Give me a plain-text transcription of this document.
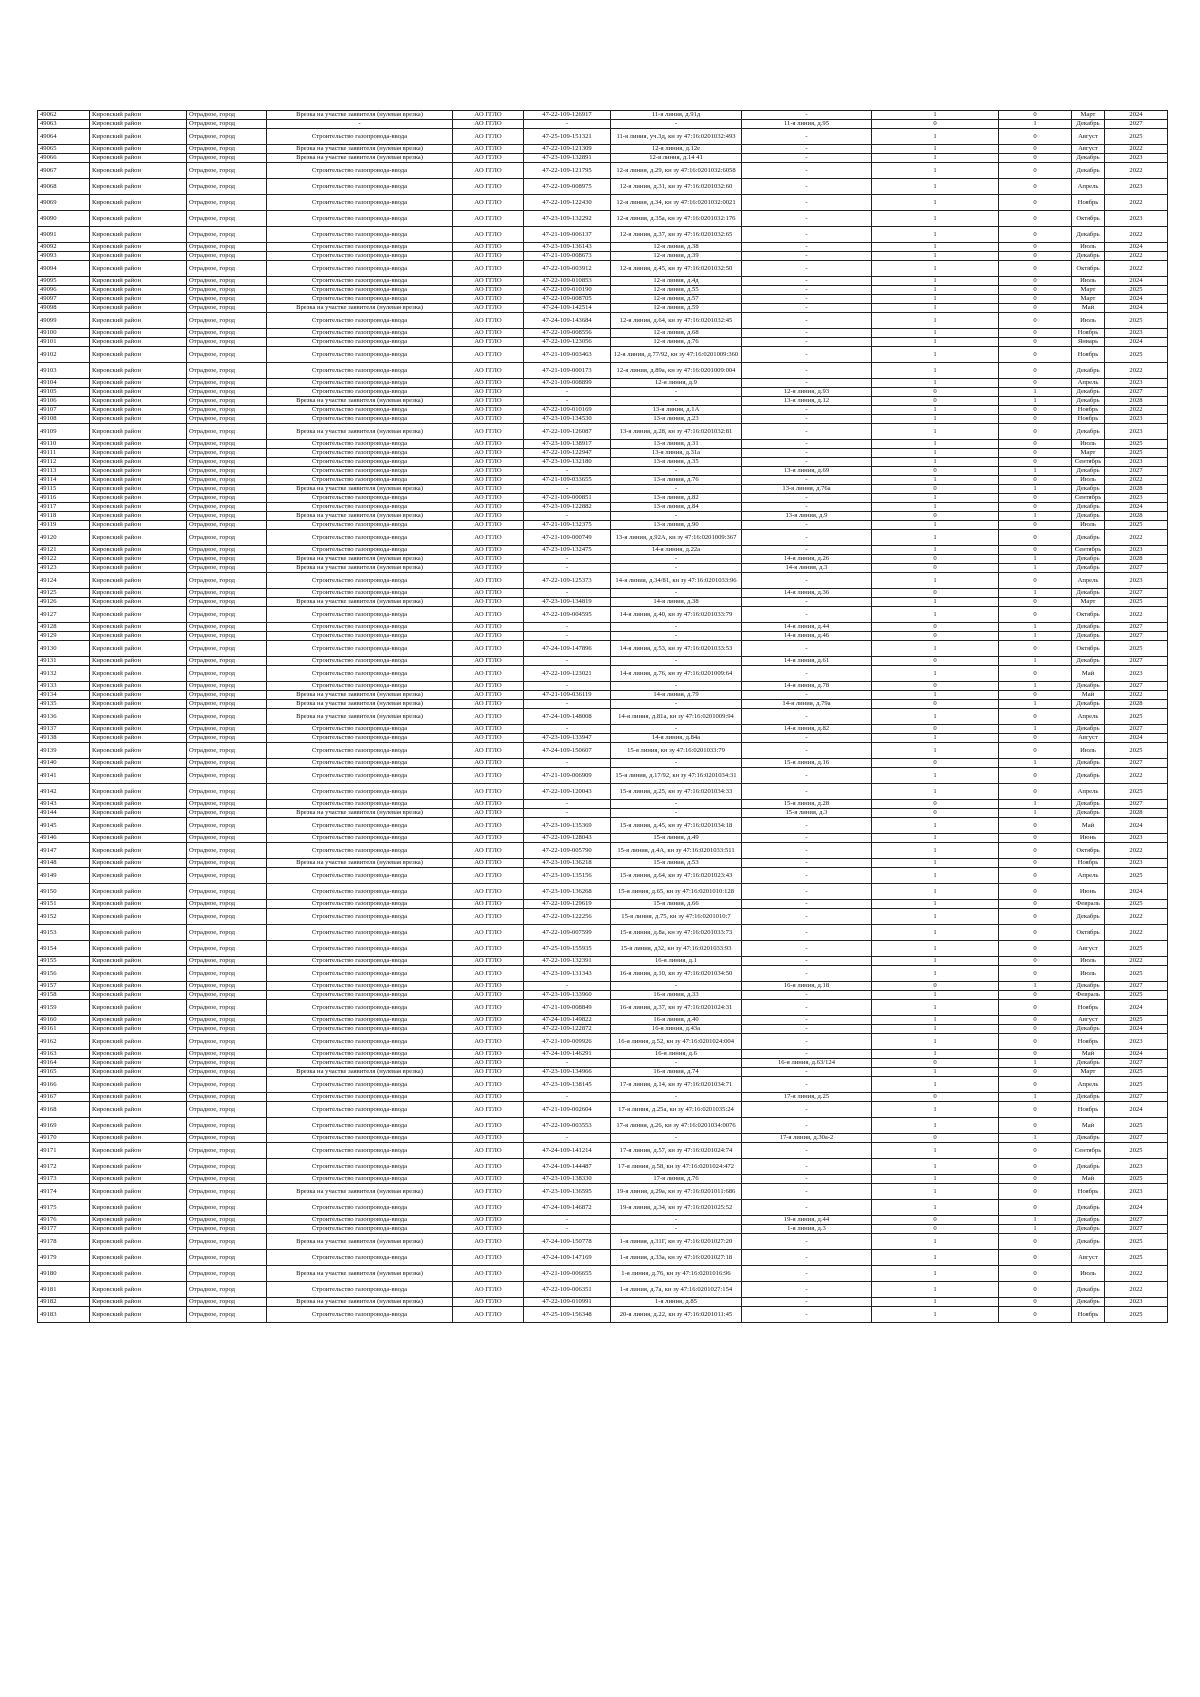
49062	Кировский район	Отрадное, город	Врезка на участке заявителя (нулевая врезка)	АО ГГЛО	47-22-109-126917	11-я линия, д.91д	-	1	0	Март	2024
49063	Кировский район	Отрадное, город	-	АО ГГЛО	-	-	11-я линия, д.95	0	1	Декабрь	2027
49064	Кировский район	Отрадное, город	Строительство газопровода-ввода	АО ГГЛО	47-25-109-151321	11-я линия, уч.3д, кн зу 47:16:0201032:493	-	1	0	Август	2025
49065	Кировский район	Отрадное, город	Врезка на участке заявителя (нулевая врезка)	АО ГГЛО	47-22-109-121309	12-я линия, д.12е	-	1	0	Август	2022
49066	Кировский район	Отрадное, город	Врезка на участке заявителя (нулевая врезка)	АО ГГЛО	47-23-109-132891	12-я линия, д.14 41	-	1	0	Декабрь	2023
49067	Кировский район	Отрадное, город	Строительство газопровода-ввода	АО ГГЛО	47-22-109-121795	12-я линия, д.29, кн зу 47:16:0201032:6058	-	1	0	Декабрь	2022
49068	Кировский район	Отрадное, город	Строительство газопровода-ввода	АО ГГЛО	47-22-109-008975	12-я линия, д.31, кн зу 47:16:0201032:60	-	1	0	Апрель	2023
49069	Кировский район	Отрадное, город	Строительство газопровода-ввода	АО ГГЛО	47-22-109-122430	12-я линия, д.34, кн зу 47:16:0201032:0021	-	1	0	Ноябрь	2022
49090	Кировский район	Отрадное, город	Строительство газопровода-ввода	АО ГГЛО	47-23-109-132292	12-я линия, д.35а, кн зу 47:16:0201032:176	-	1	0	Октябрь	2023
49091	Кировский район	Отрадное, город	Строительство газопровода-ввода	АО ГГЛО	47-21-109-006137	12-я линия, д.37, кн зу 47:16:0201032:65	-	1	0	Декабрь	2022
49092	Кировский район	Отрадное, город	Строительство газопровода-ввода	АО ГГЛО	47-23-109-136143	12-я линия, д.38	-	1	0	Июль	2024
49093	Кировский район	Отрадное, город	Строительство газопровода-ввода	АО ГГЛО	47-21-109-008673	12-я линия, д.39	-	1	0	Декабрь	2022
49094	Кировский район	Отрадное, город	Строительство газопровода-ввода	АО ГГЛО	47-22-109-003912	12-я линия, д.45, кн зу 47:16:0201032:50	-	1	0	Октябрь	2022
49095	Кировский район	Отрадное, город	Строительство газопровода-ввода	АО ГГЛО	47-22-109-010853	12-я линия, д.4д	-	1	0	Июль	2024
49096	Кировский район	Отрадное, город	Строительство газопровода-ввода	АО ГГЛО	47-22-109-010190	12-я линия, д.55	-	1	0	Март	2025
49097	Кировский район	Отрадное, город	Строительство газопровода-ввода	АО ГГЛО	47-22-109-008705	12-я линия, д.57	-	1	0	Март	2024
49098	Кировский район	Отрадное, город	Врезка на участке заявителя (нулевая врезка)	АО ГГЛО	47-24-109-142514	12-я линия, д.59	-	1	0	Май	2024
49099	Кировский район	Отрадное, город	Строительство газопровода-ввода	АО ГГЛО	47-24-109-143684	12-я линия, д.64, кн зу 47:16:0201032:45	-	1	0	Июль	2025
49100	Кировский район	Отрадное, город	Строительство газопровода-ввода	АО ГГЛО	47-22-109-008556	12-я линия, д.68	-	1	0	Ноябрь	2023
49101	Кировский район	Отрадное, город	Строительство газопровода-ввода	АО ГГЛО	47-22-109-123056	12-я линия, д.76	-	1	0	Январь	2024
49102	Кировский район	Отрадное, город	Строительство газопровода-ввода	АО ГГЛО	47-21-109-003463	12-я линия, д.77/92, кн зу 47:16:0201009:360	-	1	0	Ноябрь	2025
49103	Кировский район	Отрадное, город	Строительство газопровода-ввода	АО ГГЛО	47-21-109-000173	12-я линия, д.89а, кн зу 47:16:0201009:004	-	1	0	Декабрь	2022
49104	Кировский район	Отрадное, город	Строительство газопровода-ввода	АО ГГЛО	47-21-109-008899	12-я линия, д.9	-	1	0	Апрель	2023
49105	Кировский район	Отрадное, город	Строительство газопровода-ввода	АО ГГЛО	-	-	12-я линия, д.93	0	1	Декабрь	2027
49106	Кировский район	Отрадное, город	Врезка на участке заявителя (нулевая врезка)	АО ГГЛО	-	-	13-я линия, д.12	0	1	Декабрь	2028
49107	Кировский район	Отрадное, город	Строительство газопровода-ввода	АО ГГЛО	47-22-109-010169	13-я линия, д.1А	-	1	0	Ноябрь	2022
49108	Кировский район	Отрадное, город	Строительство газопровода-ввода	АО ГГЛО	47-23-109-134530	13-я линия, д.23	-	1	0	Ноябрь	2023
49109	Кировский район	Отрадное, город	Врезка на участке заявителя (нулевая врезка)	АО ГГЛО	47-22-109-126087	13-я линия, д.28, кн зу 47:16:0201032:81	-	1	0	Декабрь	2023
49110	Кировский район	Отрадное, город	Строительство газопровода-ввода	АО ГГЛО	47-23-109-138917	13-я линия, д.31	-	1	0	Июль	2025
49111	Кировский район	Отрадное, город	Строительство газопровода-ввода	АО ГГЛО	47-22-109-122947	13-я линия, д.31а	-	1	0	Март	2025
49112	Кировский район	Отрадное, город	Строительство газопровода-ввода	АО ГГЛО	47-23-109-132180	13-я линия, д.35	-	1	0	Сентябрь	2023
49113	Кировский район	Отрадное, город	Строительство газопровода-ввода	АО ГГЛО	-	-	13-я линия, д.69	0	1	Декабрь	2027
49114	Кировский район	Отрадное, город	Строительство газопровода-ввода	АО ГГЛО	47-21-109-033655	13-я линия, д.76	-	1	0	Июль	2022
49115	Кировский район	Отрадное, город	Врезка на участке заявителя (нулевая врезка)	АО ГГЛО	-	-	13-я линия, д.76а	0	1	Декабрь	2028
49116	Кировский район	Отрадное, город	Строительство газопровода-ввода	АО ГГЛО	47-21-109-000851	13-я линия, д.82	-	1	0	Сентябрь	2023
49117	Кировский район	Отрадное, город	Строительство газопровода-ввода	АО ГГЛО	47-23-109-122882	13-я линия, д.84	-	1	0	Декабрь	2024
49118	Кировский район	Отрадное, город	Врезка на участке заявителя (нулевая врезка)	АО ГГЛО	-	-	13-я линия, д.9	0	1	Декабрь	2028
49119	Кировский район	Отрадное, город	Строительство газопровода-ввода	АО ГГЛО	47-21-109-132375	13-я линия, д.90	-	1	0	Июль	2025
49120	Кировский район	Отрадное, город	Строительство газопровода-ввода	АО ГГЛО	47-21-109-000749	13-я линия, д.92А, кн зу 47:16:0201009:367	-	1	0	Декабрь	2022
49121	Кировский район	Отрадное, город	Строительство газопровода-ввода	АО ГГЛО	47-23-109-132475	14-я линия, д.22а	-	1	0	Сентябрь	2023
49122	Кировский район	Отрадное, город	Врезка на участке заявителя (нулевая врезка)	АО ГГЛО	-	-	14-я линия, д.26	0	1	Декабрь	2028
49123	Кировский район	Отрадное, город	Врезка на участке заявителя (нулевая врезка)	АО ГГЛО	-	-	14-я линия, д.3	0	1	Декабрь	2027
49124	Кировский район	Отрадное, город	Строительство газопровода-ввода	АО ГГЛО	47-22-109-125373	14-я линия, д.34/81, кн зу 47:16:0201033:96	-	1	0	Апрель	2023
49125	Кировский район	Отрадное, город	Строительство газопровода-ввода	АО ГГЛО	-	-	14-я линия, д.36	0	1	Декабрь	2027
49126	Кировский район	Отрадное, город	Врезка на участке заявителя (нулевая врезка)	АО ГГЛО	47-23-109-134819	14-я линия, д.38	-	1	0	Март	2025
49127	Кировский район	Отрадное, город	Строительство газопровода-ввода	АО ГГЛО	47-22-109-004595	14-я линия, д.40, кн зу 47:16:0201033:79	-	1	0	Октябрь	2022
49128	Кировский район	Отрадное, город	Строительство газопровода-ввода	АО ГГЛО	-	-	14-я линия, д.44	0	1	Декабрь	2027
49129	Кировский район	Отрадное, город	Строительство газопровода-ввода	АО ГГЛО	-	-	14-я линия, д.46	0	1	Декабрь	2027
49130	Кировский район	Отрадное, город	Строительство газопровода-ввода	АО ГГЛО	47-24-109-147896	14-я линия, д.53, кн зу 47:16:0201033:53	-	1	0	Октябрь	2025
49131	Кировский район	Отрадное, город	Строительство газопровода-ввода	АО ГГЛО	-	-	14-я линия, д.61	0	1	Декабрь	2027
49132	Кировский район	Отрадное, город	Строительство газопровода-ввода	АО ГГЛО	47-22-109-123021	14-я линия, д.76, кн зу 47:16:0201009:64	-	1	0	Май	2023
49133	Кировский район	Отрадное, город	Строительство газопровода-ввода	АО ГГЛО	-	-	14-я линия, д.78	0	1	Декабрь	2027
49134	Кировский район	Отрадное, город	Врезка на участке заявителя (нулевая врезка)	АО ГГЛО	47-21-109-036119	14-я линия, д.79	-	1	0	Май	2022
49135	Кировский район	Отрадное, город	Врезка на участке заявителя (нулевая врезка)	АО ГГЛО	-	-	14-я линия, д.79а	0	1	Декабрь	2028
49136	Кировский район	Отрадное, город	Врезка на участке заявителя (нулевая врезка)	АО ГГЛО	47-24-109-148008	14-я линия, д.81а, кн зу 47:16:0201009:94	-	1	0	Апрель	2025
49137	Кировский район	Отрадное, город	Строительство газопровода-ввода	АО ГГЛО	-	-	14-я линия, д.82	0	1	Декабрь	2027
49138	Кировский район	Отрадное, город	Строительство газопровода-ввода	АО ГГЛО	47-23-109-133947	14-я линия, д.84а	-	1	0	Август	2024
49139	Кировский район	Отрадное, город	Строительство газопровода-ввода	АО ГГЛО	47-24-109-150607	15-я линия, кн зу 47:16:0201033:79	-	1	0	Июль	2025
49140	Кировский район	Отрадное, город	Строительство газопровода-ввода	АО ГГЛО	-	-	15-я линия, д.16	0	1	Декабрь	2027
49141	Кировский район	Отрадное, город	Строительство газопровода-ввода	АО ГГЛО	47-21-109-006909	15-я линия, д.17/92, кн зу 47:16:0201034:31	-	1	0	Декабрь	2022
49142	Кировский район	Отрадное, город	Строительство газопровода-ввода	АО ГГЛО	47-22-109-120043	15-я линия, д.25, кн зу 47:16:0201034:33	-	1	0	Апрель	2025
49143	Кировский район	Отрадное, город	Строительство газопровода-ввода	АО ГГЛО	-	-	15-я линия, д.28	0	1	Декабрь	2027
49144	Кировский район	Отрадное, город	Врезка на участке заявителя (нулевая врезка)	АО ГГЛО	-	-	15-я линия, д.3	0	1	Декабрь	2028
49145	Кировский район	Отрадное, город	Строительство газопровода-ввода	АО ГГЛО	47-23-109-135369	15-я линия, д.45, кн зу 47:16:0201034:18	-	1	0	Май	2024
49146	Кировский район	Отрадное, город	Строительство газопровода-ввода	АО ГГЛО	47-22-109-128043	15-я линия, д.49	-	1	0	Июнь	2023
49147	Кировский район	Отрадное, город	Строительство газопровода-ввода	АО ГГЛО	47-22-109-005790	15-я линия, д.4А, кн зу 47:16:0201033:511	-	1	0	Октябрь	2022
49148	Кировский район	Отрадное, город	Врезка на участке заявителя (нулевая врезка)	АО ГГЛО	47-23-109-136218	15-я линия, д.53	-	1	0	Ноябрь	2023
49149	Кировский район	Отрадное, город	Строительство газопровода-ввода	АО ГГЛО	47-23-109-135156	15-я линия, д.64, кн зу 47:16:0201023:43	-	1	0	Апрель	2025
49150	Кировский район	Отрадное, город	Строительство газопровода-ввода	АО ГГЛО	47-23-109-136268	15-я линия, д.65, кн зу 47:16:0201010:128	-	1	0	Июнь	2024
49151	Кировский район	Отрадное, город	Строительство газопровода-ввода	АО ГГЛО	47-22-109-129619	15-я линия, д.66	-	1	0	Февраль	2025
49152	Кировский район	Отрадное, город	Строительство газопровода-ввода	АО ГГЛО	47-22-109-122256	15-я линия, д.75, кн зу 47:16:0201010:7	-	1	0	Декабрь	2022
49153	Кировский район	Отрадное, город	Строительство газопровода-ввода	АО ГГЛО	47-22-109-007599	15-я линия, д.8а, кн зу 47:16:0201033:73	-	1	0	Октябрь	2022
49154	Кировский район	Отрадное, город	Строительство газопровода-ввода	АО ГГЛО	47-25-109-155935	15-я линия, д32, кн зу 47:16:0201033:93	-	1	0	Август	2025
49155	Кировский район	Отрадное, город	Строительство газопровода-ввода	АО ГГЛО	47-22-109-132391	16-я линия, д.1	-	1	0	Июль	2022
49156	Кировский район	Отрадное, город	Строительство газопровода-ввода	АО ГГЛО	47-23-109-131343	16-я линия, д.10, кн зу 47:16:0201034:50	-	1	0	Июль	2025
49157	Кировский район	Отрадное, город	Строительство газопровода-ввода	АО ГГЛО	-	-	16-я линия, д.18	0	1	Декабрь	2027
49158	Кировский район	Отрадное, город	Строительство газопровода-ввода	АО ГГЛО	47-23-109-133960	16-я линия, д.33	-	1	0	Февраль	2025
49159	Кировский район	Отрадное, город	Строительство газопровода-ввода	АО ГГЛО	47-21-109-008849	16-я линия, д.37, кн зу 47:16:0201024:31	-	1	0	Ноябрь	2024
49160	Кировский район	Отрадное, город	Строительство газопровода-ввода	АО ГГЛО	47-24-109-149822	16-я линия, д.40	-	1	0	Август	2025
49161	Кировский район	Отрадное, город	Строительство газопровода-ввода	АО ГГЛО	47-22-109-122872	16-я линия, д.43а	-	1	0	Декабрь	2024
49162	Кировский район	Отрадное, город	Строительство газопровода-ввода	АО ГГЛО	47-21-109-009926	16-я линия, д.52, кн зу 47:16:0201024:004	-	1	0	Ноябрь	2023
49163	Кировский район	Отрадное, город	Строительство газопровода-ввода	АО ГГЛО	47-24-109-146291	16-я линия, д.6	-	1	0	Май	2024
49164	Кировский район	Отрадное, город	Строительство газопровода-ввода	АО ГГЛО	-	-	16-я линия, д.63/124	0	1	Декабрь	2027
49165	Кировский район	Отрадное, город	Врезка на участке заявителя (нулевая врезка)	АО ГГЛО	47-23-109-134966	16-я линия, д.74	-	1	0	Март	2025
49166	Кировский район	Отрадное, город	Строительство газопровода-ввода	АО ГГЛО	47-23-109-138145	17-я линия, д.14, кн зу 47:16:0201034:71	-	1	0	Апрель	2025
49167	Кировский район	Отрадное, город	Строительство газопровода-ввода	АО ГГЛО	-	-	17-я линия, д.25	0	1	Декабрь	2027
49168	Кировский район	Отрадное, город	Строительство газопровода-ввода	АО ГГЛО	47-21-109-002604	17-я линия, д.25а, кн зу 47:16:0201035:24	-	1	0	Ноябрь	2024
49169	Кировский район	Отрадное, город	Строительство газопровода-ввода	АО ГГЛО	47-22-109-003553	17-я линия, д.26, кн зу 47:16:0201034:0076	-	1	0	Май	2025
49170	Кировский район	Отрадное, город	Строительство газопровода-ввода	АО ГГЛО	-	-	17-я линия, д.30а-2	0	1	Декабрь	2027
49171	Кировский район	Отрадное, город	Строительство газопровода-ввода	АО ГГЛО	47-24-109-141214	17-я линия, д.57, кн зу 47:16:0201024:74	-	1	0	Сентябрь	2025
49172	Кировский район	Отрадное, город	Строительство газопровода-ввода	АО ГГЛО	47-24-109-144487	17-я линия, д.58, кн зу 47:16:0201024:472	-	1	0	Декабрь	2023
49173	Кировский район	Отрадное, город	Строительство газопровода-ввода	АО ГГЛО	47-23-109-138330	17-я линия, д.76	-	1	0	Май	2025
49174	Кировский район	Отрадное, город	Врезка на участке заявителя (нулевая врезка)	АО ГГЛО	47-23-109-136595	19-я линия, д.29а, кн зу 47:16:0201011:686	-	1	0	Ноябрь	2023
49175	Кировский район	Отрадное, город	Строительство газопровода-ввода	АО ГГЛО	47-24-109-146872	19-я линия, д.34, кн зу 47:16:0201025:52	-	1	0	Декабрь	2024
49176	Кировский район	Отрадное, город	Строительство газопровода-ввода	АО ГГЛО	-	-	19-я линия, д.44	0	1	Декабрь	2027
49177	Кировский район	Отрадное, город	Строительство газопровода-ввода	АО ГГЛО	-	-	1-я линия, д.3	0	1	Декабрь	2027
49178	Кировский район	Отрадное, город	Врезка на участке заявителя (нулевая врезка)	АО ГГЛО	47-24-109-150778	1-я линия, д.31Г, кн зу 47:16:0201027:20	-	1	0	Декабрь	2025
49179	Кировский район	Отрадное, город	Строительство газопровода-ввода	АО ГГЛО	47-24-109-147169	1-я линия, д.33а, кн зу 47:16:0201027:18	-	1	0	Август	2025
49180	Кировский район	Отрадное, город	Врезка на участке заявителя (нулевая врезка)	АО ГГЛО	47-21-109-006655	1-я линия, д.76, кн зу 47:16:0201016:96	-	1	0	Июль	2022
49181	Кировский район	Отрадное, город	Строительство газопровода-ввода	АО ГГЛО	47-22-109-006351	1-я линия, д.7а, кн зу 47:16:0201027:154	-	1	0	Декабрь	2022
49182	Кировский район	Отрадное, город	Врезка на участке заявителя (нулевая врезка)	АО ГГЛО	47-22-109-010991	1-я линия, д.85	-	1	0	Декабрь	2023
49183	Кировский район	Отрадное, город	Строительство газопровода-ввода	АО ГГЛО	47-25-109-156348	20-я линия, д.22, кн зу 47:16:0201011:45	-	1	0	Ноябрь	2025
